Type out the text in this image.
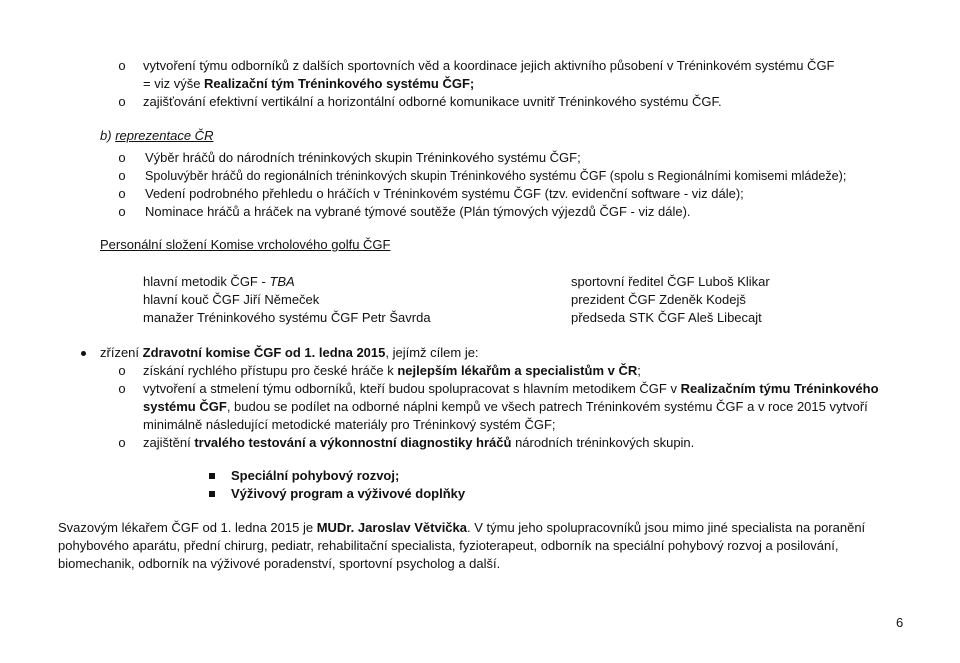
o vytvoření týmu odborníků z dalších sportovních věd a koordinace jejich aktivního působení v Tréninkovém systému ČGF
= viz výše Realizační tým Tréninkového systému ČGF;
o zajišťování efektivní vertikální a horizontální odborné komunikace uvnitř Tréninkového systému ČGF.
b) reprezentace ČR
o Výběr hráčů do národních tréninkových skupin Tréninkového systému ČGF;
o Spoluvýběr hráčů do regionálních tréninkových skupin Tréninkového systému ČGF (spolu s Regionálními komisemi mládeže);
o Vedení podrobného přehledu o hráčích v Tréninkovém systému ČGF (tzv. evidenční software - viz dále);
o Nominace hráčů a hráček na vybrané týmové soutěže (Plán týmových výjezdů ČGF - viz dále).
Personální složení Komise vrcholového golfu ČGF
hlavní metodik ČGF - TBA
hlavní kouč ČGF Jiří Němeček
manažer Tréninkového systému ČGF Petr Šavrda
sportovní ředitel ČGF Luboš Klikar
prezident ČGF Zdeněk Kodejš
předseda STK ČGF Aleš Libecajt
zřízení Zdravotní komise ČGF od 1. ledna 2015, jejímž cílem je:
o získání rychlého přístupu pro české hráče k nejlepším lékařům a specialistům v ČR;
o vytvoření a stmelení týmu odborníků, kteří budou spolupracovat s hlavním metodikem ČGF v Realizačním týmu Tréninkového
systému ČGF, budou se podílet na odborné náplni kempů ve všech patrech Tréninkovém systému ČGF a v roce 2015 vytvoří
minimálně následující metodické materiály pro Tréninkový systém ČGF;
o zajištění trvalého testování a výkonnostní diagnostiky hráčů národních tréninkových skupin.
Speciální pohybový rozvoj;
Výživový program a výživové doplňky
Svazovým lékařem ČGF od 1. ledna 2015 je MUDr. Jaroslav Větvička. V týmu jeho spolupracovníků jsou mimo jiné specialista na poranění
pohybového aparátu, přední chirurg, pediatr, rehabilitační specialista, fyzioterapeut, odborník na speciální pohybový rozvoj a posilování,
biomechanik, odborník na výživové poradenství, sportovní psycholog a další.
6
